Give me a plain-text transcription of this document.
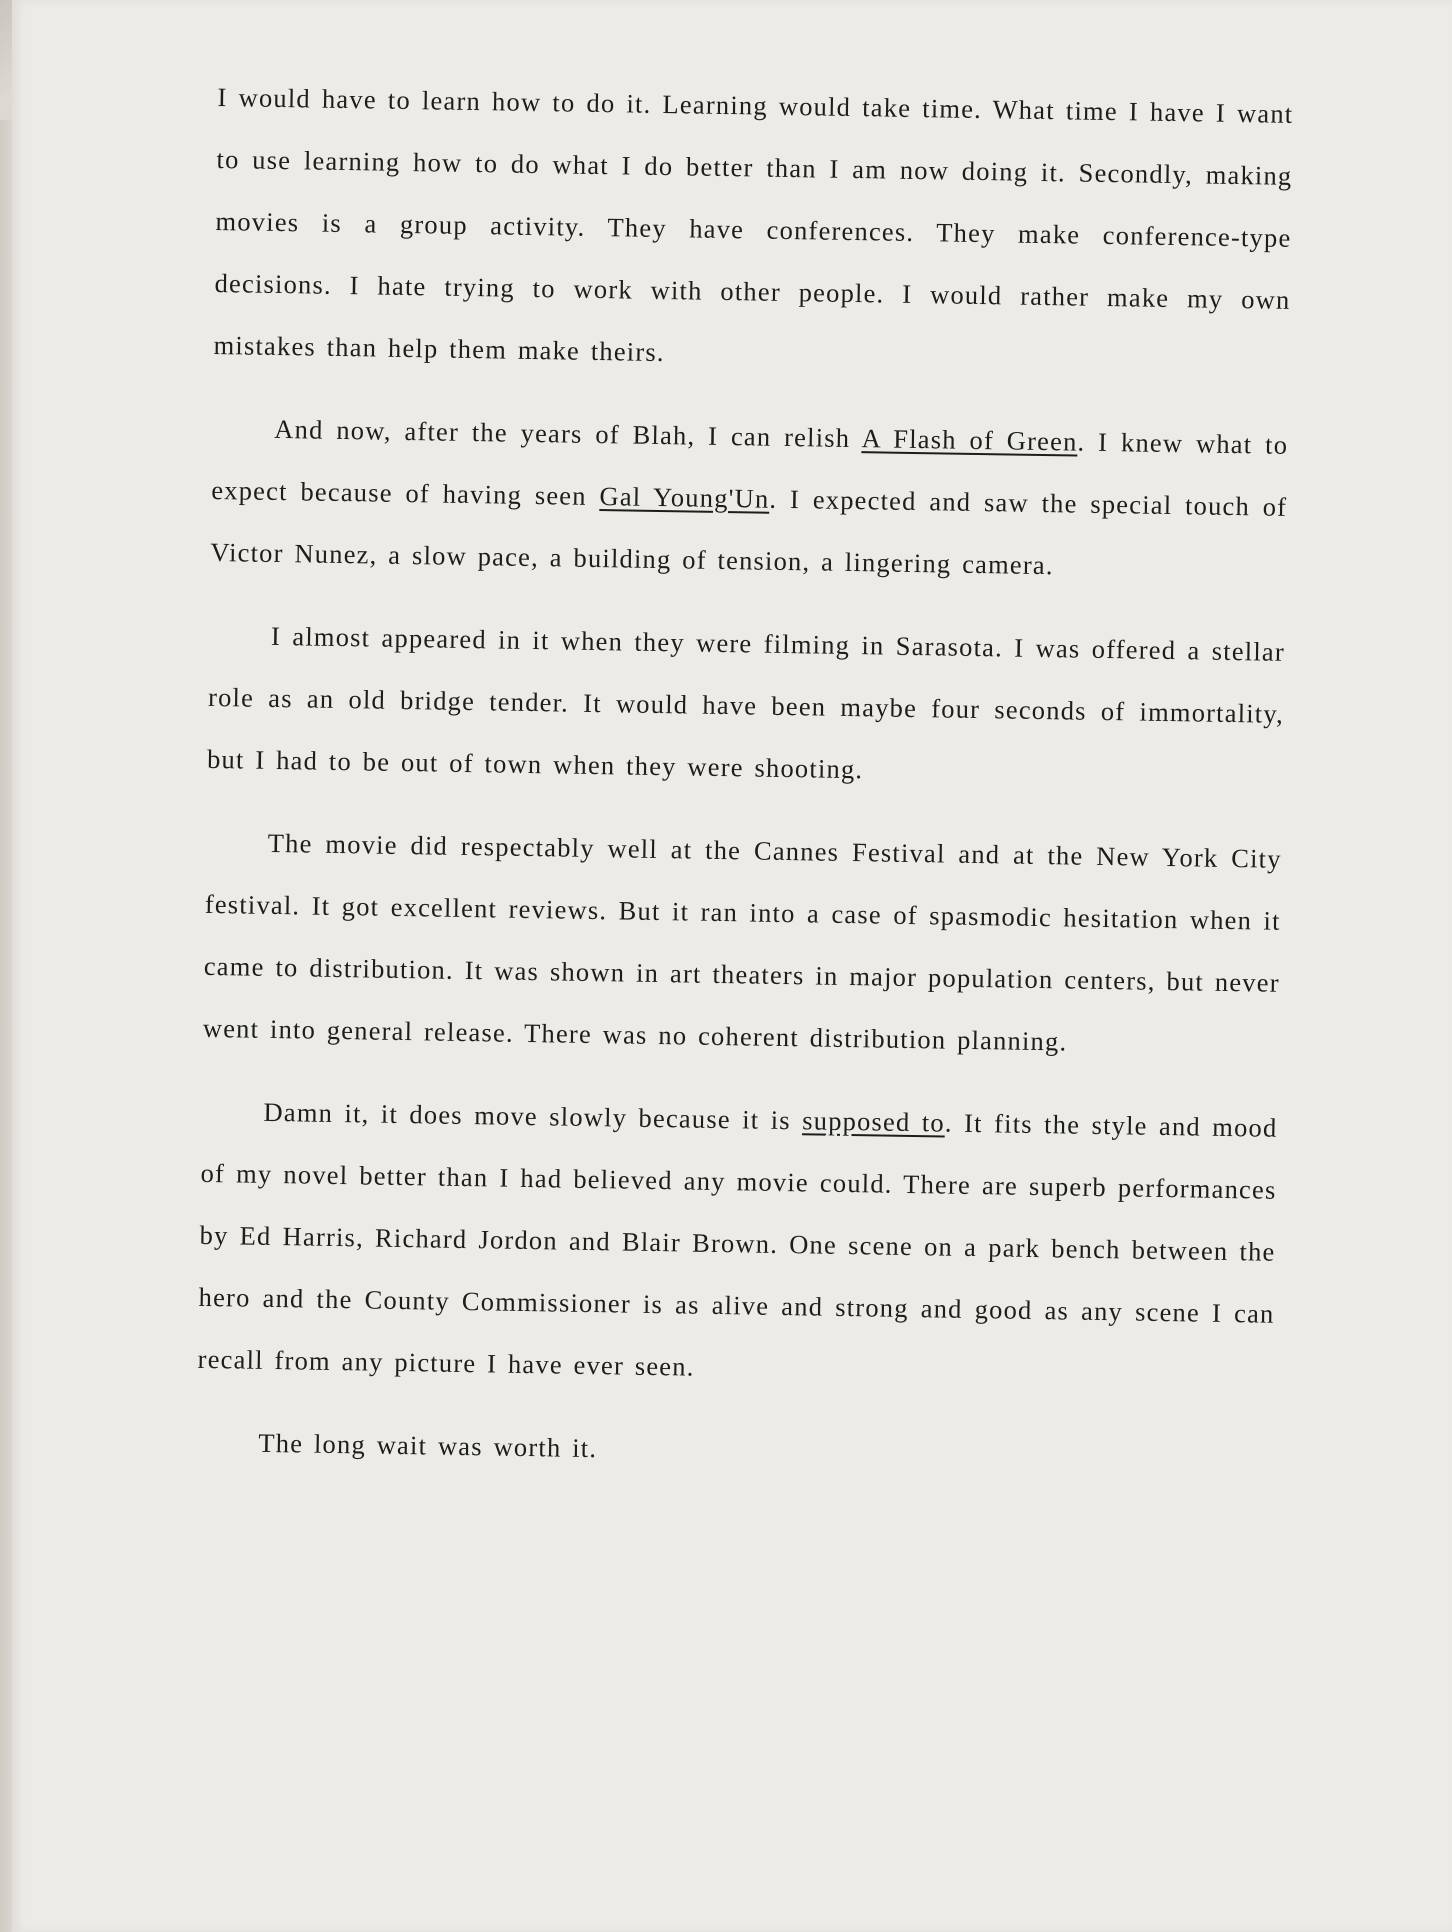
I would have to learn how to do it. Learning would take time. What time I have I want to use learning how to do what I do better than I am now doing it. Secondly, making movies is a group activity. They have conferences. They make conference-type decisions. I hate trying to work with other people. I would rather make my own mistakes than help them make theirs.

And now, after the years of Blah, I can relish A Flash of Green. I knew what to expect because of having seen Gal Young'Un. I expected and saw the special touch of Victor Nunez, a slow pace, a building of tension, a lingering camera.

I almost appeared in it when they were filming in Sarasota. I was offered a stellar role as an old bridge tender. It would have been maybe four seconds of immortality, but I had to be out of town when they were shooting.

The movie did respectably well at the Cannes Festival and at the New York City festival. It got excellent reviews. But it ran into a case of spasmodic hesitation when it came to distribution. It was shown in art theaters in major population centers, but never went into general release. There was no coherent distribution planning.

Damn it, it does move slowly because it is supposed to. It fits the style and mood of my novel better than I had believed any movie could. There are superb performances by Ed Harris, Richard Jordon and Blair Brown. One scene on a park bench between the hero and the County Commissioner is as alive and strong and good as any scene I can recall from any picture I have ever seen.

The long wait was worth it.
